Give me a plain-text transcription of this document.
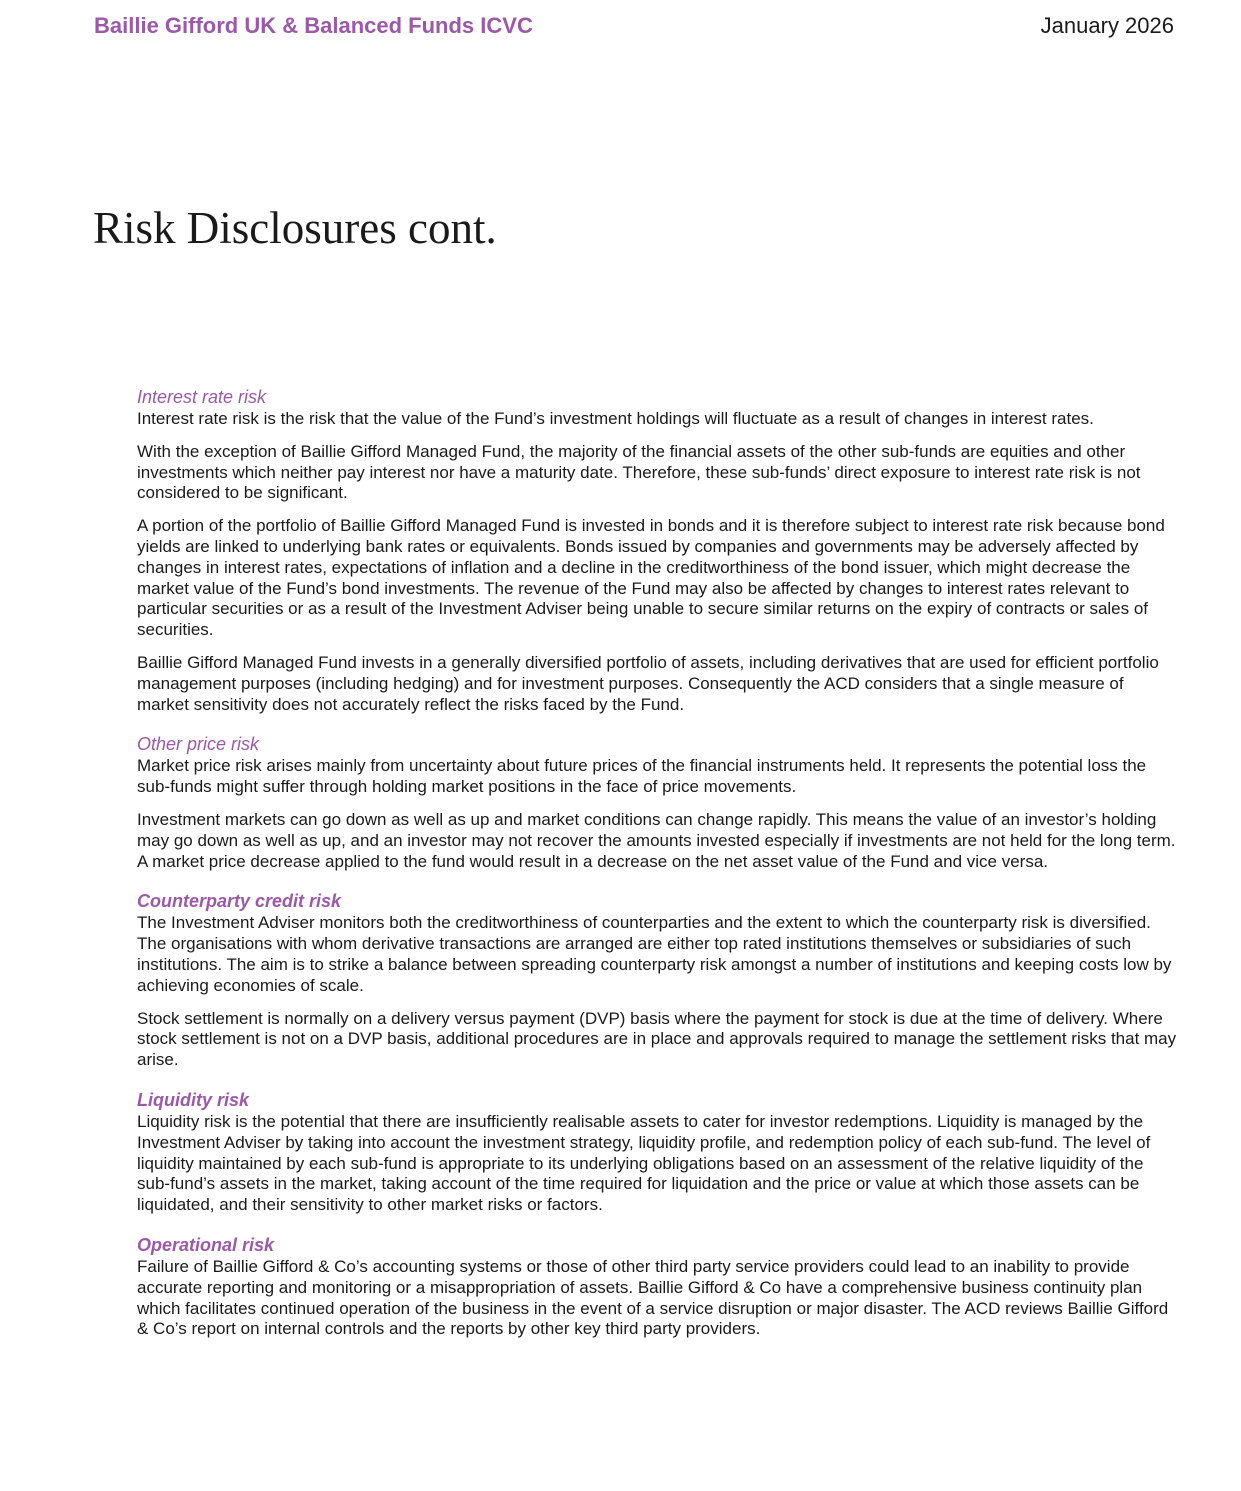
Baillie Gifford UK & Balanced Funds ICVC	January 2026

Risk Disclosures cont.
Interest rate risk

Interest rate risk is the risk that the value of the Fund’s investment holdings will fluctuate as a result of changes in interest rates.

With the exception of Baillie Gifford Managed Fund, the majority of the financial assets of the other sub-funds are equities and other investments which neither pay interest nor have a maturity date. Therefore, these sub-funds’ direct exposure to interest rate risk is not considered to be significant.

A portion of the portfolio of Baillie Gifford Managed Fund is invested in bonds and it is therefore subject to interest rate risk because bond yields are linked to underlying bank rates or equivalents. Bonds issued by companies and governments may be adversely affected by changes in interest rates, expectations of inflation and a decline in the creditworthiness of the bond issuer, which might decrease the market value of the Fund’s bond investments. The revenue of the Fund may also be affected by changes to interest rates relevant to particular securities or as a result of the Investment Adviser being unable to secure similar returns on the expiry of contracts or sales of securities.

Baillie Gifford Managed Fund invests in a generally diversified portfolio of assets, including derivatives that are used for efficient portfolio management purposes (including hedging) and for investment purposes. Consequently the ACD considers that a single measure of market sensitivity does not accurately reflect the risks faced by the Fund.

Other price risk

Market price risk arises mainly from uncertainty about future prices of the financial instruments held. It represents the potential loss the sub-funds might suffer through holding market positions in the face of price movements.

Investment markets can go down as well as up and market conditions can change rapidly. This means the value of an investor’s holding may go down as well as up, and an investor may not recover the amounts invested especially if investments are not held for the long term. A market price decrease applied to the fund would result in a decrease on the net asset value of the Fund and vice versa.

Counterparty credit risk

The Investment Adviser monitors both the creditworthiness of counterparties and the extent to which the counterparty risk is diversified. The organisations with whom derivative transactions are arranged are either top rated institutions themselves or subsidiaries of such institutions. The aim is to strike a balance between spreading counterparty risk amongst a number of institutions and keeping costs low by achieving economies of scale.

Stock settlement is normally on a delivery versus payment (DVP) basis where the payment for stock is due at the time of delivery. Where stock settlement is not on a DVP basis, additional procedures are in place and approvals required to manage the settlement risks that may arise.

Liquidity risk

Liquidity risk is the potential that there are insufficiently realisable assets to cater for investor redemptions. Liquidity is managed by the Investment Adviser by taking into account the investment strategy, liquidity profile, and redemption policy of each sub-fund. The level of liquidity maintained by each sub-fund is appropriate to its underlying obligations based on an assessment of the relative liquidity of the sub-fund’s assets in the market, taking account of the time required for liquidation and the price or value at which those assets can be liquidated, and their sensitivity to other market risks or factors.

Operational risk

Failure of Baillie Gifford & Co’s accounting systems or those of other third party service providers could lead to an inability to provide accurate reporting and monitoring or a misappropriation of assets. Baillie Gifford & Co have a comprehensive business continuity plan which facilitates continued operation of the business in the event of a service disruption or major disaster. The ACD reviews Baillie Gifford & Co’s report on internal controls and the reports by other key third party providers.
